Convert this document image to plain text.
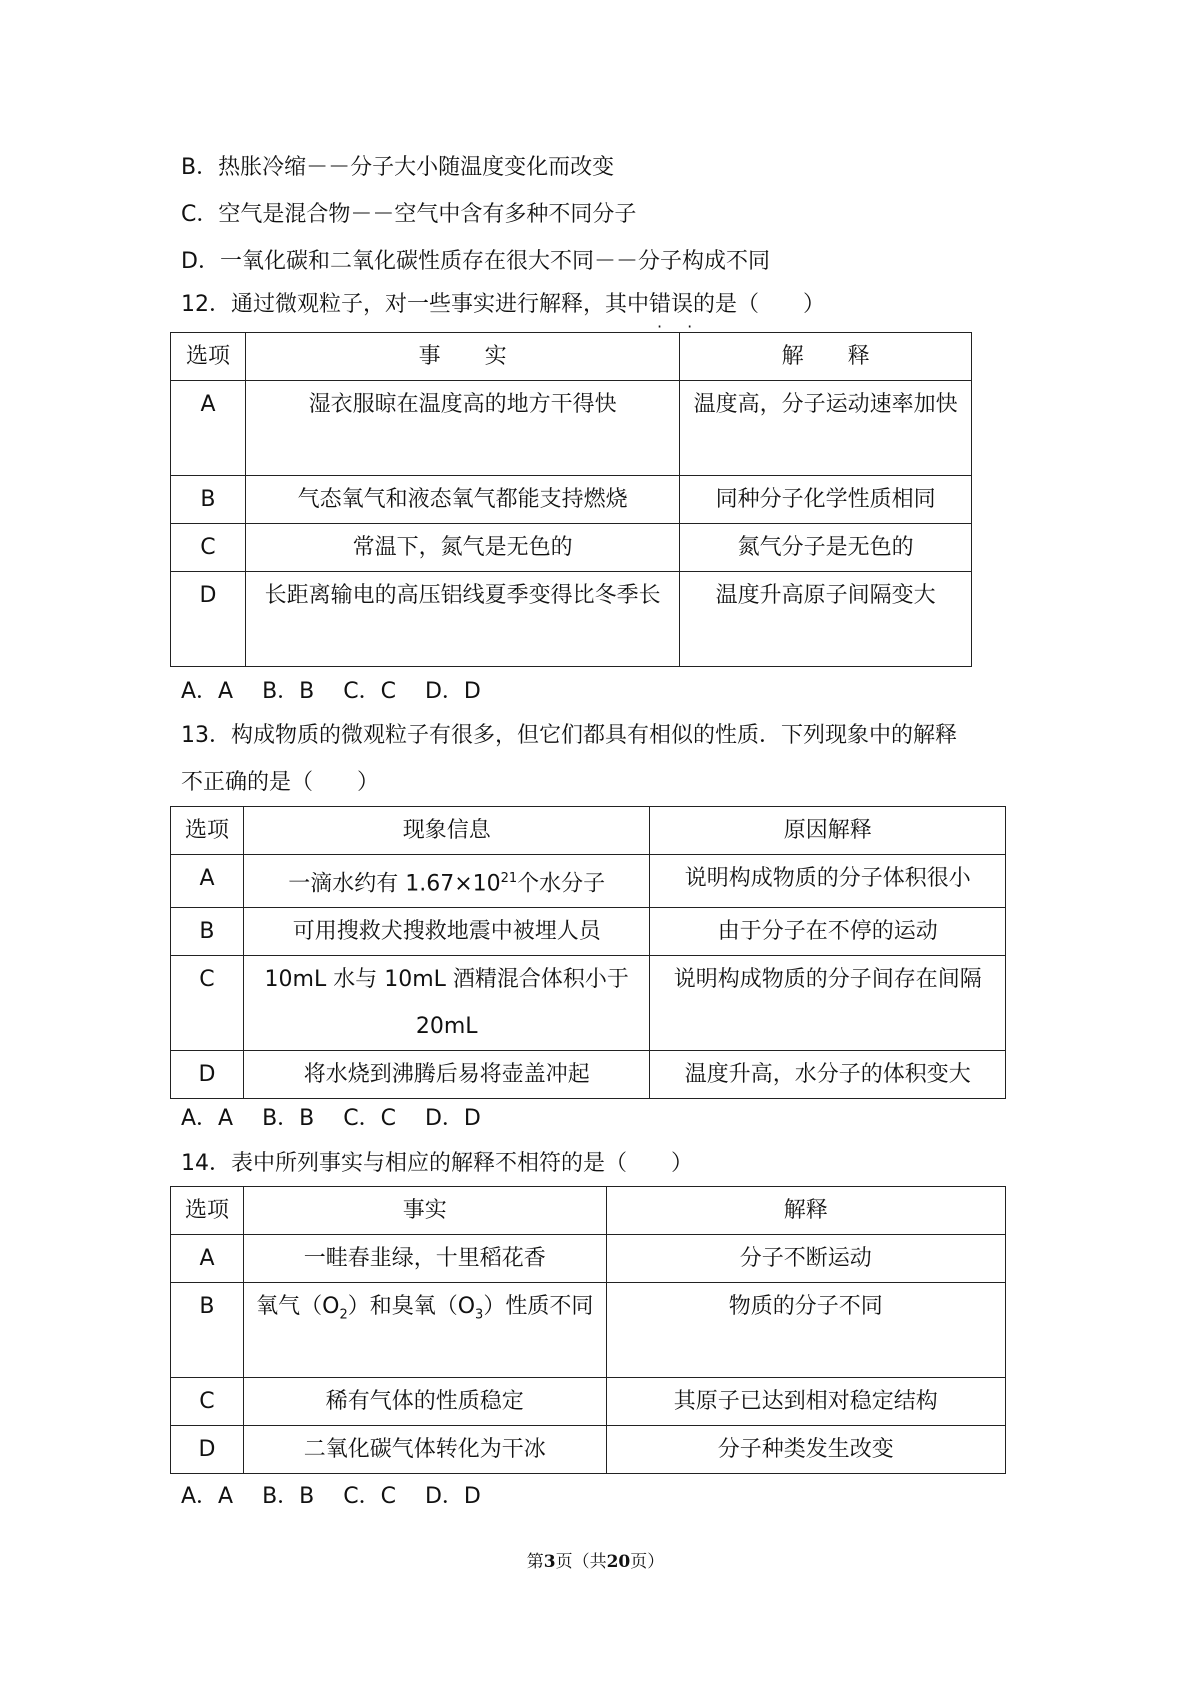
B．热胀冷缩－－分子大小随温度变化而改变
C．空气是混合物－－空气中含有多种不同分子
D．一氧化碳和二氧化碳性质存在很大不同－－分子构成不同
12．通过微观粒子，对一些事实进行解释，其中错误 · ·的是（　　）
选项	事　　实	解　　释
A	湿衣服晾在温度高的地方干得快	温度高，分子运动速率加快
B	气态氧气和液态氧气都能支持燃烧	同种分子化学性质相同
C	常温下，氮气是无色的	氮气分子是无色的
D	长距离输电的高压铝线夏季变得比冬季长	温度升高原子间隔变大
A．A　 B．B　 C．C　 D．D
13．构成物质的微观粒子有很多，但它们都具有相似的性质．下列现象中的解释
不正确的是（　　）
选项	现象信息	原因解释
A	一滴水约有 $1.67\times 10^{21}$个水分子	说明构成物质的分子体积很小
B	可用搜救犬搜救地震中被埋人员	由于分子在不停的运动
C	10mL 水与 10mL 酒精混合体积小于20mL	说明构成物质的分子间存在间隔
D	将水烧到沸腾后易将壶盖冲起	温度升高，水分子的体积变大
A．A　 B．B　 C．C　 D．D
14．表中所列事实与相应的解释不相符的是（　　）
选项	事实	解释
A	一畦春韭绿，十里稻花香	分子不断运动
B	氧气$(O_2)$和臭氧$(O_3)$性质不同	物质的分子不同
C	稀有气体的性质稳定	其原子已达到相对稳定结构
D	二氧化碳气体转化为干冰	分子种类发生改变
A．A　 B．B　 C．C　 D．D
第3页（共20页）
